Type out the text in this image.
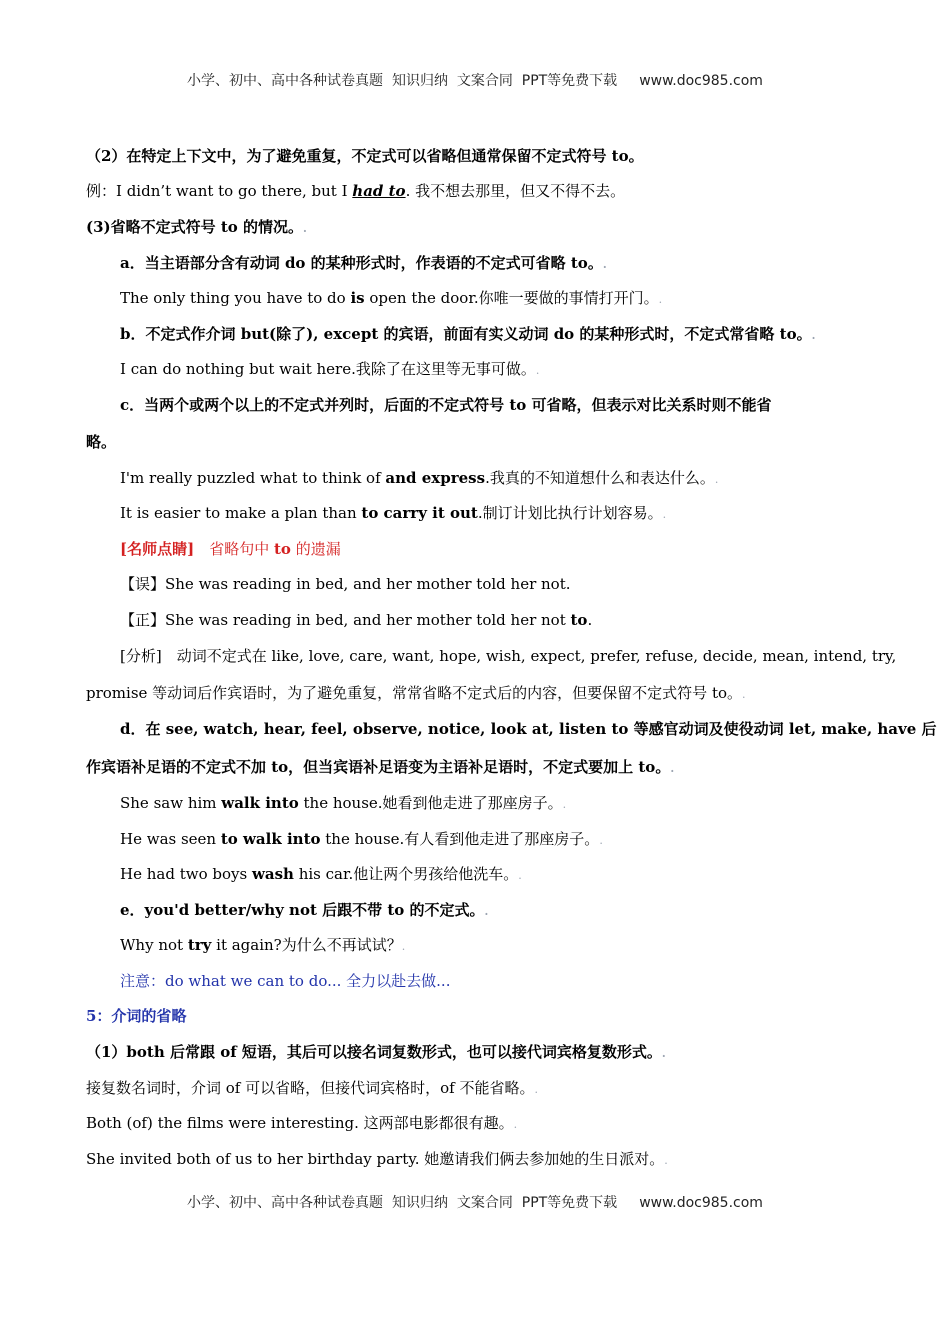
小学、初中、高中各种试卷真题  知识归纳  文案合同  PPT等免费下载 www.doc985.com
（2）在特定上下文中，为了避免重复，不定式可以省略但通常保留不定式符号 to。
例：I didn’t want to go there, but I had to. 我不想去那里，但又不得不去。
(3)省略不定式符号 to 的情况。.
a．当主语部分含有动词 do 的某种形式时，作表语的不定式可省略 to。.
The only thing you have to do is open the door.你唯一要做的事情打开门。.
b．不定式作介词 but(除了), except 的宾语，前面有实义动词 do 的某种形式时，不定式常省略 to。.
I can do nothing but wait here.我除了在这里等无事可做。.
c．当两个或两个以上的不定式并列时，后面的不定式符号 to 可省略，但表示对比关系时则不能省
略。
I'm really puzzled what to think of and express.我真的不知道想什么和表达什么。.
It is easier to make a plan than to carry it out.制订计划比执行计划容易。.
[名师点睛]　省略句中 to 的遗漏
【误】She was reading in bed, and her mother told her not.
【正】She was reading in bed, and her mother told her not to.
[分析]　动词不定式在 like, love, care, want, hope, wish, expect, prefer, refuse, decide, mean, intend, try,
promise 等动词后作宾语时，为了避免重复，常常省略不定式后的内容，但要保留不定式符号 to。.
d．在 see, watch, hear, feel, observe, notice, look at, listen to 等感官动词及使役动词 let, make, have 后
作宾语补足语的不定式不加 to，但当宾语补足语变为主语补足语时，不定式要加上 to。.
She saw him walk into the house.她看到他走进了那座房子。.
He was seen to walk into the house.有人看到他走进了那座房子。.
He had two boys wash his car.他让两个男孩给他洗车。.
e．you'd better/why not 后跟不带 to 的不定式。.
Why not try it again?为什么不再试试？.
注意：do what we can to do... 全力以赴去做...
5：介词的省略
（1）both 后常跟 of 短语，其后可以接名词复数形式，也可以接代词宾格复数形式。.
接复数名词时，介词 of 可以省略，但接代词宾格时，of 不能省略。.
Both (of) the films were interesting. 这两部电影都很有趣。.
She invited both of us to her birthday party. 她邀请我们俩去参加她的生日派对。.
小学、初中、高中各种试卷真题  知识归纳  文案合同  PPT等免费下载 www.doc985.com
